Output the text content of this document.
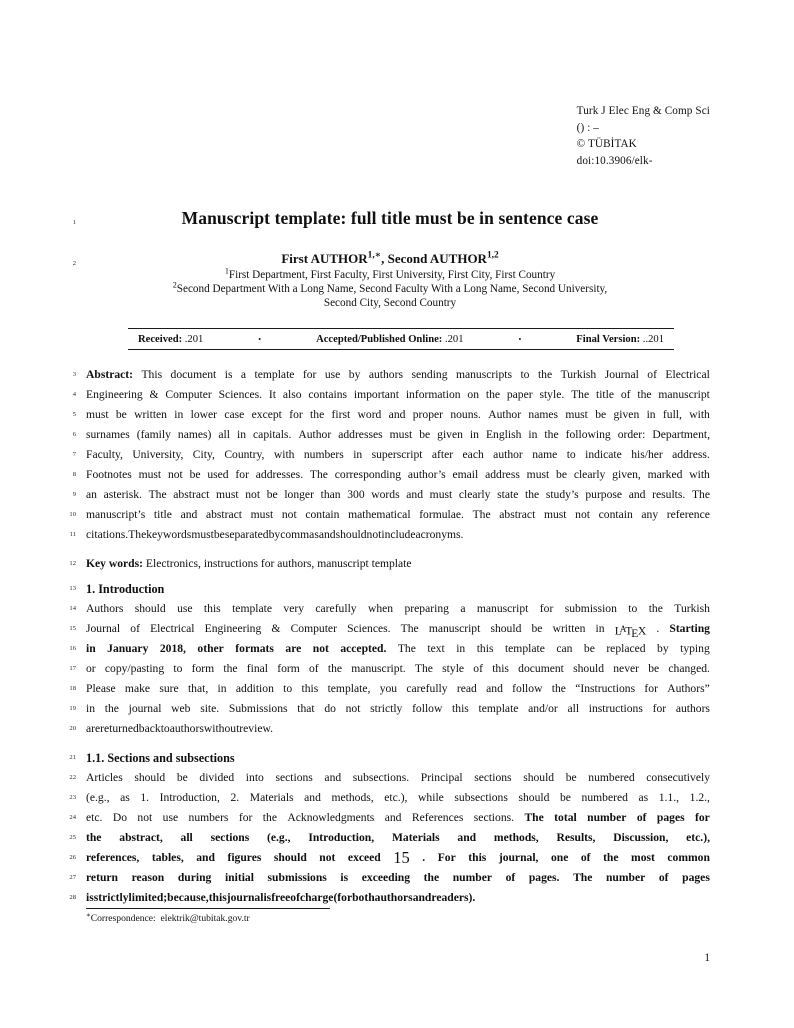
Turk J Elec Eng & Comp Sci
() : –
© TÜBİTAK
doi:10.3906/elk-
Manuscript template: full title must be in sentence case
First $AUTHOR^{1,∗}$, Second AUTHOR$^{1,2}$
$^1$First Department, First Faculty, First University, First City, First Country
$^2$Second Department With a Long Name, Second Faculty With a Long Name, Second University,
Second City, Second Country
Received: .201	•	Accepted/Published Online: .201	•	Final Version: ..201
Abstract: This document is a template for use by authors sending manuscripts to the Turkish Journal of Electrical
Engineering & Computer Sciences. It also contains important information on the paper style. The title of the manuscript
must be written in lower case except for the first word and proper nouns. Author names must be given in full, with
surnames (family names) all in capitals. Author addresses must be given in English in the following order: Department,
Faculty, University, City, Country, with numbers in superscript after each author name to indicate his/her address.
Footnotes must not be used for addresses. The corresponding author’s email address must be clearly given, marked with
an asterisk. The abstract must not be longer than 300 words and must clearly state the study’s purpose and results. The
manuscript’s title and abstract must not contain mathematical formulae. The abstract must not contain any reference
citations.Thekeywordsmustbeseparatedbycommasandshouldnotincludeacronyms.
Key words: Electronics, instructions for authors, manuscript template
1. Introduction
Authors should use this template very carefully when preparing a manuscript for submission to the Turkish
Journal of Electrical Engineering & Computer Sciences. The manuscript should be written in $L^ATEX$ . Starting
in January 2018, other formats are not accepted. The text in this template can be replaced by typing
or copy/pasting to form the final form of the manuscript. The style of this document should never be changed.
Please make sure that, in addition to this template, you carefully read and follow the “Instructions for Authors”
in the journal web site. Submissions that do not strictly follow this template and/or all instructions for authors
arereturnedbacktoauthorswithoutreview.
1.1. Sections and subsections
Articles should be divided into sections and subsections. Principal sections should be numbered consecutively
(e.g., as 1. Introduction, 2. Materials and methods, etc.), while subsections should be numbered as 1.1., 1.2.,
etc. Do not use numbers for the Acknowledgments and References sections. The total number of pages for
the abstract, all sections (e.g., Introduction, Materials and methods, Results, Discussion, etc.),
references, tables, and figures should not exceed 15 . For this journal, one of the most common
return reason during initial submissions is exceeding the number of pages. The number of pages
isstrictlylimited;because,thisjournalisfreeofcharge(forbothauthorsandreaders).
1
2
3
4
5
6
7
8
9
10
11
12
13
14
15
16
17
18
19
20
21
22
23
24
25
26
27
28
∗Correspondence: elektrik@tubitak.gov.tr
1
